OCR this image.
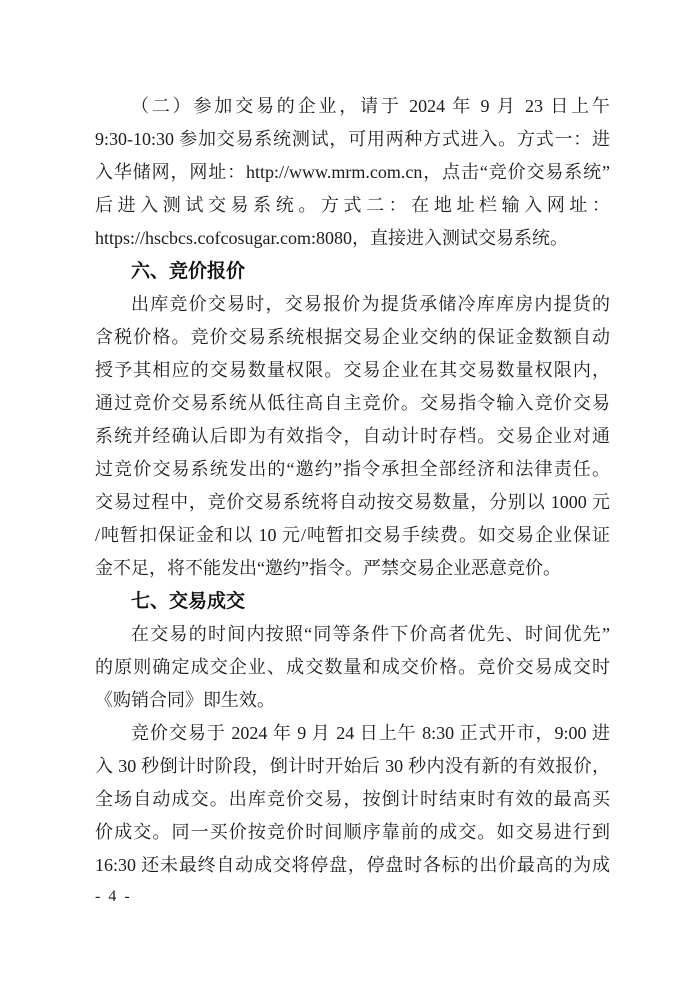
（二）参加交易的企业，请于 2024 年 9 月 23 日上午
9:30-10:30 参加交易系统测试，可用两种方式进入。方式一：进
入华储网，网址：http://www.mrm.com.cn，点击“竞价交易系统”
后进入测试交易系统。方式二：在地址栏输入网址：
https://hscbcs.cofcosugar.com:8080，直接进入测试交易系统。
六、竞价报价
出库竞价交易时，交易报价为提货承储冷库库房内提货的
含税价格。竞价交易系统根据交易企业交纳的保证金数额自动
授予其相应的交易数量权限。交易企业在其交易数量权限内，
通过竞价交易系统从低往高自主竞价。交易指令输入竞价交易
系统并经确认后即为有效指令，自动计时存档。交易企业对通
过竞价交易系统发出的“邀约”指令承担全部经济和法律责任。
交易过程中，竞价交易系统将自动按交易数量，分别以 1000 元
/吨暂扣保证金和以 10 元/吨暂扣交易手续费。如交易企业保证
金不足，将不能发出“邀约”指令。严禁交易企业恶意竞价。
七、交易成交
在交易的时间内按照“同等条件下价高者优先、时间优先”
的原则确定成交企业、成交数量和成交价格。竞价交易成交时
《购销合同》即生效。
竞价交易于 2024 年 9 月 24 日上午 8:30 正式开市，9:00 进
入 30 秒倒计时阶段，倒计时开始后 30 秒内没有新的有效报价，
全场自动成交。出库竞价交易，按倒计时结束时有效的最高买
价成交。同一买价按竞价时间顺序靠前的成交。如交易进行到
16:30 还未最终自动成交将停盘，停盘时各标的出价最高的为成
- 4 -
